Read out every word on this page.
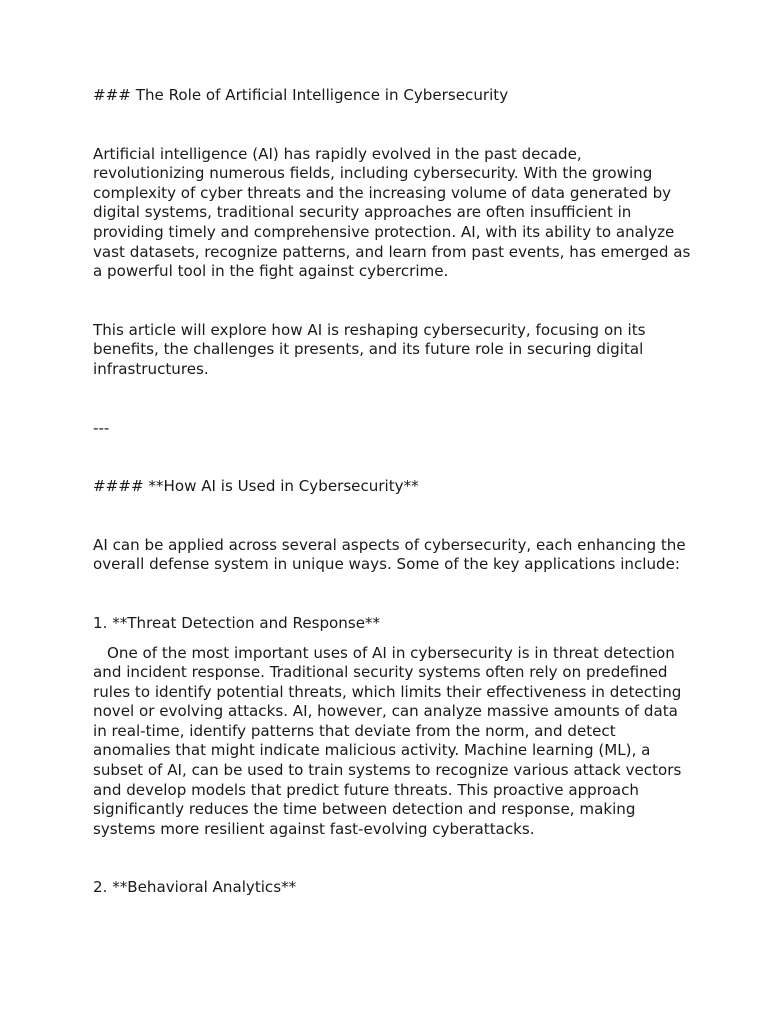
### The Role of Artificial Intelligence in Cybersecurity

Artificial intelligence (AI) has rapidly evolved in the past decade, revolutionizing numerous fields, including cybersecurity. With the growing complexity of cyber threats and the increasing volume of data generated by digital systems, traditional security approaches are often insufficient in providing timely and comprehensive protection. AI, with its ability to analyze vast datasets, recognize patterns, and learn from past events, has emerged as a powerful tool in the fight against cybercrime.

This article will explore how AI is reshaping cybersecurity, focusing on its benefits, the challenges it presents, and its future role in securing digital infrastructures.

---

#### **How AI is Used in Cybersecurity**

AI can be applied across several aspects of cybersecurity, each enhancing the overall defense system in unique ways. Some of the key applications include:

1. **Threat Detection and Response**

One of the most important uses of AI in cybersecurity is in threat detection and incident response. Traditional security systems often rely on predefined rules to identify potential threats, which limits their effectiveness in detecting novel or evolving attacks. AI, however, can analyze massive amounts of data in real-time, identify patterns that deviate from the norm, and detect anomalies that might indicate malicious activity. Machine learning (ML), a subset of AI, can be used to train systems to recognize various attack vectors and develop models that predict future threats. This proactive approach significantly reduces the time between detection and response, making systems more resilient against fast-evolving cyberattacks.

2. **Behavioral Analytics**
